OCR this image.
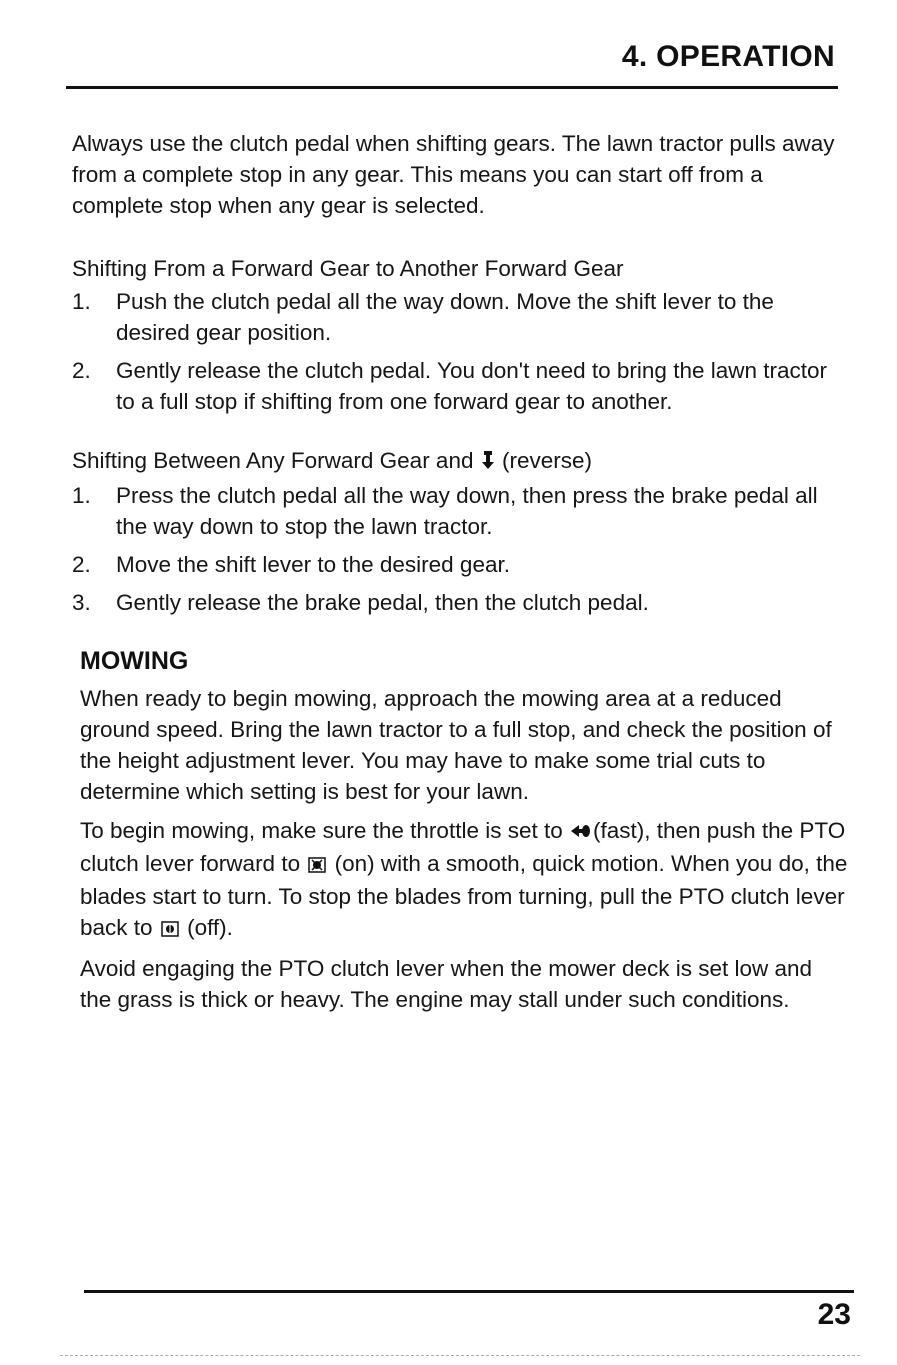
4. OPERATION

Always use the clutch pedal when shifting gears. The lawn tractor pulls away from a complete stop in any gear. This means you can start off from a complete stop when any gear is selected.

Shifting From a Forward Gear to Another Forward Gear

1. Push the clutch pedal all the way down. Move the shift lever to the desired gear position.
2. Gently release the clutch pedal. You don't need to bring the lawn tractor to a full stop if shifting from one forward gear to another.

Shifting Between Any Forward Gear and (reverse)

1. Press the clutch pedal all the way down, then press the brake pedal all the way down to stop the lawn tractor.
2. Move the shift lever to the desired gear.
3. Gently release the brake pedal, then the clutch pedal.
MOWING

When ready to begin mowing, approach the mowing area at a reduced ground speed. Bring the lawn tractor to a full stop, and check the position of the height adjustment lever. You may have to make some trial cuts to determine which setting is best for your lawn.

To begin mowing, make sure the throttle is set to (fast), then push the PTO clutch lever forward to (on) with a smooth, quick motion. When you do, the blades start to turn. To stop the blades from turning, pull the PTO clutch lever back to (off).

Avoid engaging the PTO clutch lever when the mower deck is set low and the grass is thick or heavy. The engine may stall under such conditions.

23
